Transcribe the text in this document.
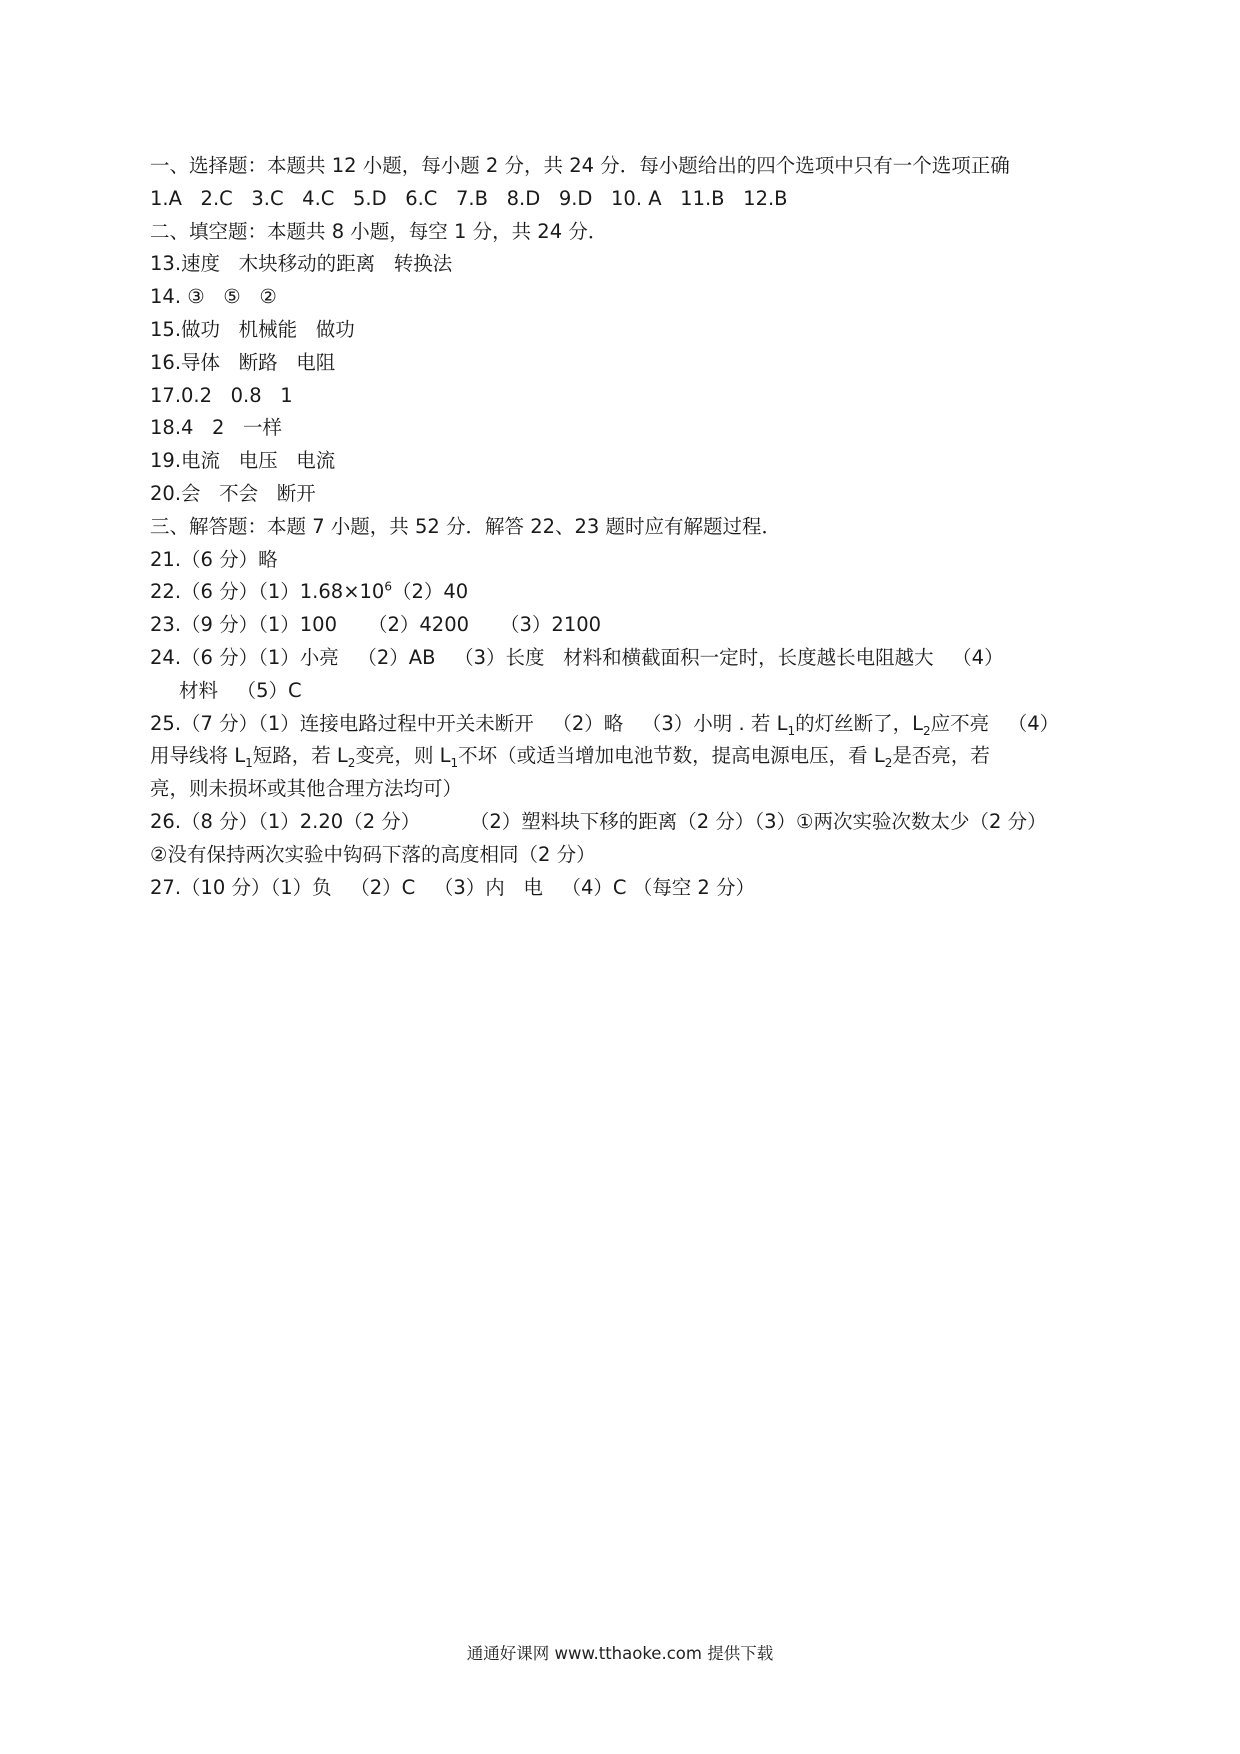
一、选择题：本题共 12 小题，每小题 2 分，共 24 分．每小题给出的四个选项中只有一个选项正确
1.A   2.C   3.C   4.C   5.D   6.C   7.B   8.D   9.D   10. A   11.B   12.B
二、填空题：本题共 8 小题，每空 1 分，共 24 分．
13.速度   木块移动的距离   转换法
14. ③   ⑤   ②
15.做功   机械能   做功
16.导体   断路   电阻
17.0.2   0.8   1
18.4   2   一样
19.电流   电压   电流
20.会   不会   断开
三、解答题：本题 7 小题，共 52 分．解答 22、23 题时应有解题过程．
21.（6 分）略
22.（6 分）$(1)1.68\times 10^6(2)40$
23.（9 分）（1）100     （2）4200     （3）2100
24.（6 分）（1）小亮   （2）AB   （3）长度   材料和横截面积一定时，长度越长电阻越大   （4）
材料   （5）C
25.（7 分）（1）连接电路过程中开关未断开   （2）略   （3）小明 . 若 $L_1$的灯丝断了，$L_2$应不亮   （4）
用导线将 $L_1$短路，若 $L_2$变亮，则 $L_1$不坏（或适当增加电池节数，提高电源电压，看 $L_2$是否亮，若
亮，则未损坏或其他合理方法均可）
26.（8 分）（1）2.20（2 分）        （2）塑料块下移的距离（2 分）（3）①两次实验次数太少（2 分）
②没有保持两次实验中钩码下落的高度相同（2 分）
27.（10 分）（1）负   （2）C   （3）内   电   （4）C （每空 2 分）
通通好课网 www.tthaoke.com 提供下载
